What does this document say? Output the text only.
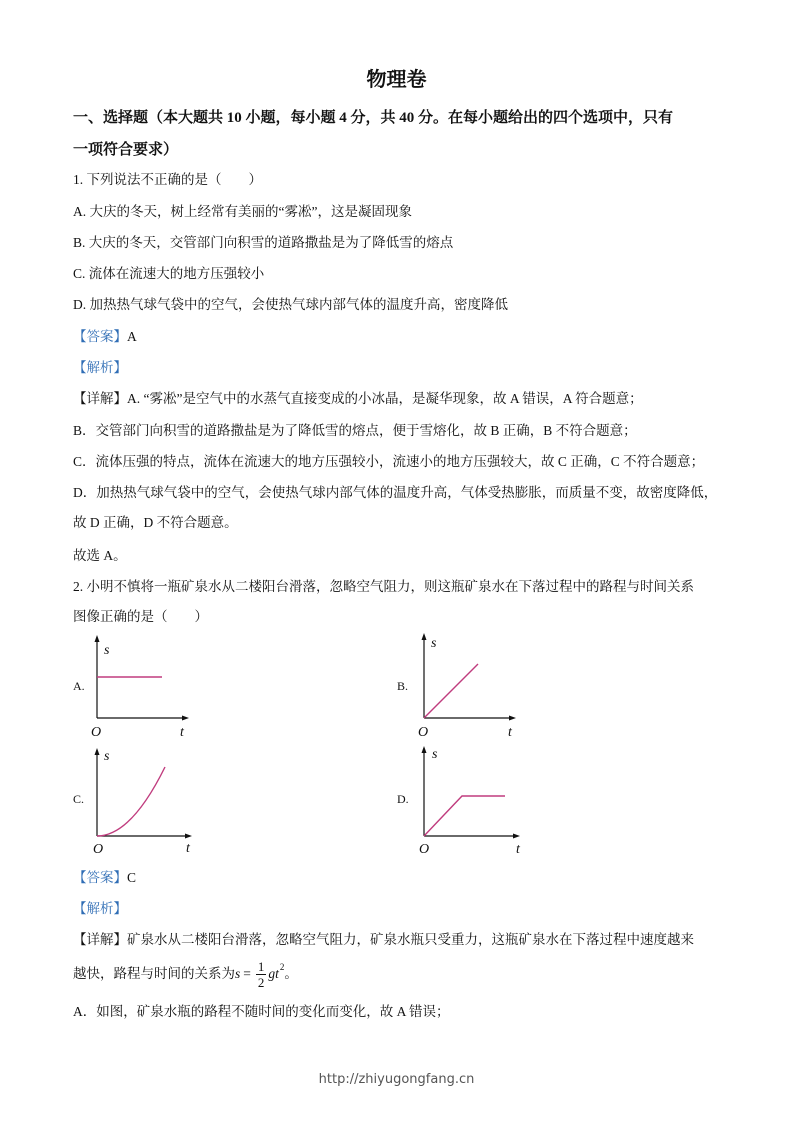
物理卷
一、选择题（本大题共 10 小题，每小题 4 分，共 40 分。在每小题给出的四个选项中，只有
一项符合要求）
1. 下列说法不正确的是（　　）
A. 大庆的冬天，树上经常有美丽的“雾凇”，这是凝固现象
B. 大庆的冬天，交管部门向积雪的道路撒盐是为了降低雪的熔点
C. 流体在流速大的地方压强较小
D. 加热热气球气袋中的空气，会使热气球内部气体的温度升高，密度降低
【答案】A
【解析】
【详解】A. “雾凇”是空气中的水蒸气直接变成的小冰晶，是凝华现象，故 A 错误，A 符合题意；
B．交管部门向积雪的道路撒盐是为了降低雪的熔点，便于雪熔化，故 B 正确，B 不符合题意；
C．流体压强的特点，流体在流速大的地方压强较小，流速小的地方压强较大，故 C 正确，C 不符合题意；
D．加热热气球气袋中的空气，会使热气球内部气体的温度升高，气体受热膨胀，而质量不变，故密度降低，
故 D 正确，D 不符合题意。
故选 A。
2. 小明不慎将一瓶矿泉水从二楼阳台滑落，忽略空气阻力，则这瓶矿泉水在下落过程中的路程与时间关系
图像正确的是（　　）
A.
s
O	t
B.
s
O	t
C.
s
O	t
D.
s
O	t
【答案】C
【解析】
【详解】矿泉水从二楼阳台滑落，忽略空气阻力，矿泉水瓶只受重力，这瓶矿泉水在下落过程中速度越来
越快，路程与时间的关系为 $s = \frac{1}{2}$ gt 2 。
A．如图，矿泉水瓶的路程不随时间的变化而变化，故 A 错误；
http://zhiyugongfang.cn
